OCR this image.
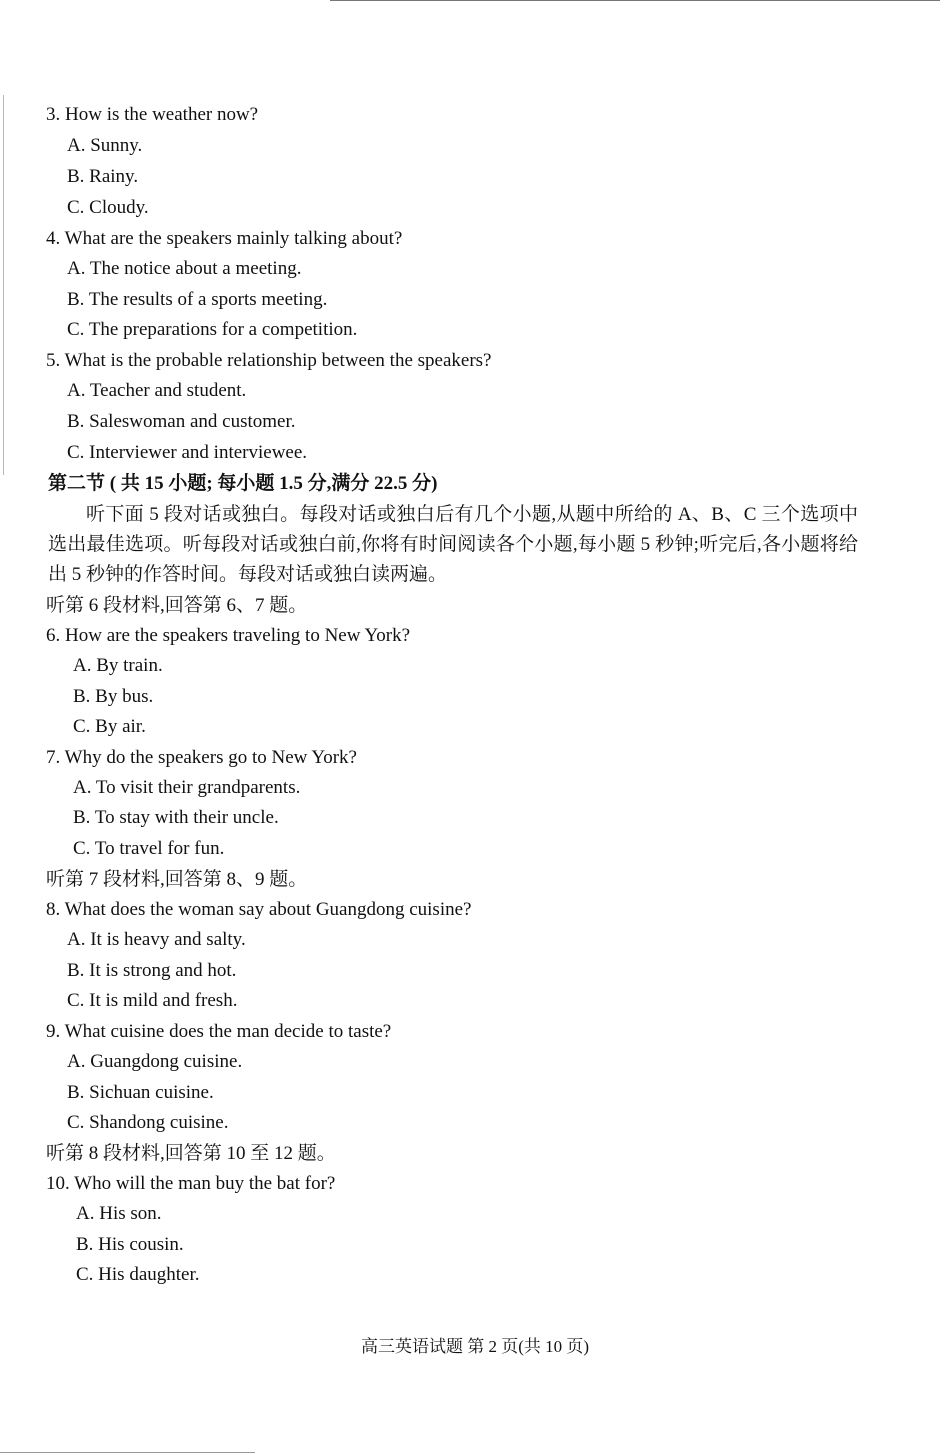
3. How is the weather now?
A. Sunny.
B. Rainy.
C. Cloudy.
4. What are the speakers mainly talking about?
A. The notice about a meeting.
B. The results of a sports meeting.
C. The preparations for a competition.
5. What is the probable relationship between the speakers?
A. Teacher and student.
B. Saleswoman and customer.
C. Interviewer and interviewee.
第二节 ( 共 15 小题; 每小题 1.5 分,满分 22.5 分)
听下面 5 段对话或独白。每段对话或独白后有几个小题,从题中所给的 A、B、C 三个选项中选出最佳选项。听每段对话或独白前,你将有时间阅读各个小题,每小题 5 秒钟;听完后,各小题将给出 5 秒钟的作答时间。每段对话或独白读两遍。
听第 6 段材料,回答第 6、7 题。
6. How are the speakers traveling to New York?
A. By train.
B. By bus.
C. By air.
7. Why do the speakers go to New York?
A. To visit their grandparents.
B. To stay with their uncle.
C. To travel for fun.
听第 7 段材料,回答第 8、9 题。
8. What does the woman say about Guangdong cuisine?
A. It is heavy and salty.
B. It is strong and hot.
C. It is mild and fresh.
9. What cuisine does the man decide to taste?
A. Guangdong cuisine.
B. Sichuan cuisine.
C. Shandong cuisine.
听第 8 段材料,回答第 10 至 12 题。
10. Who will the man buy the bat for?
A. His son.
B. His cousin.
C. His daughter.
高三英语试题 第 2 页(共 10 页)
